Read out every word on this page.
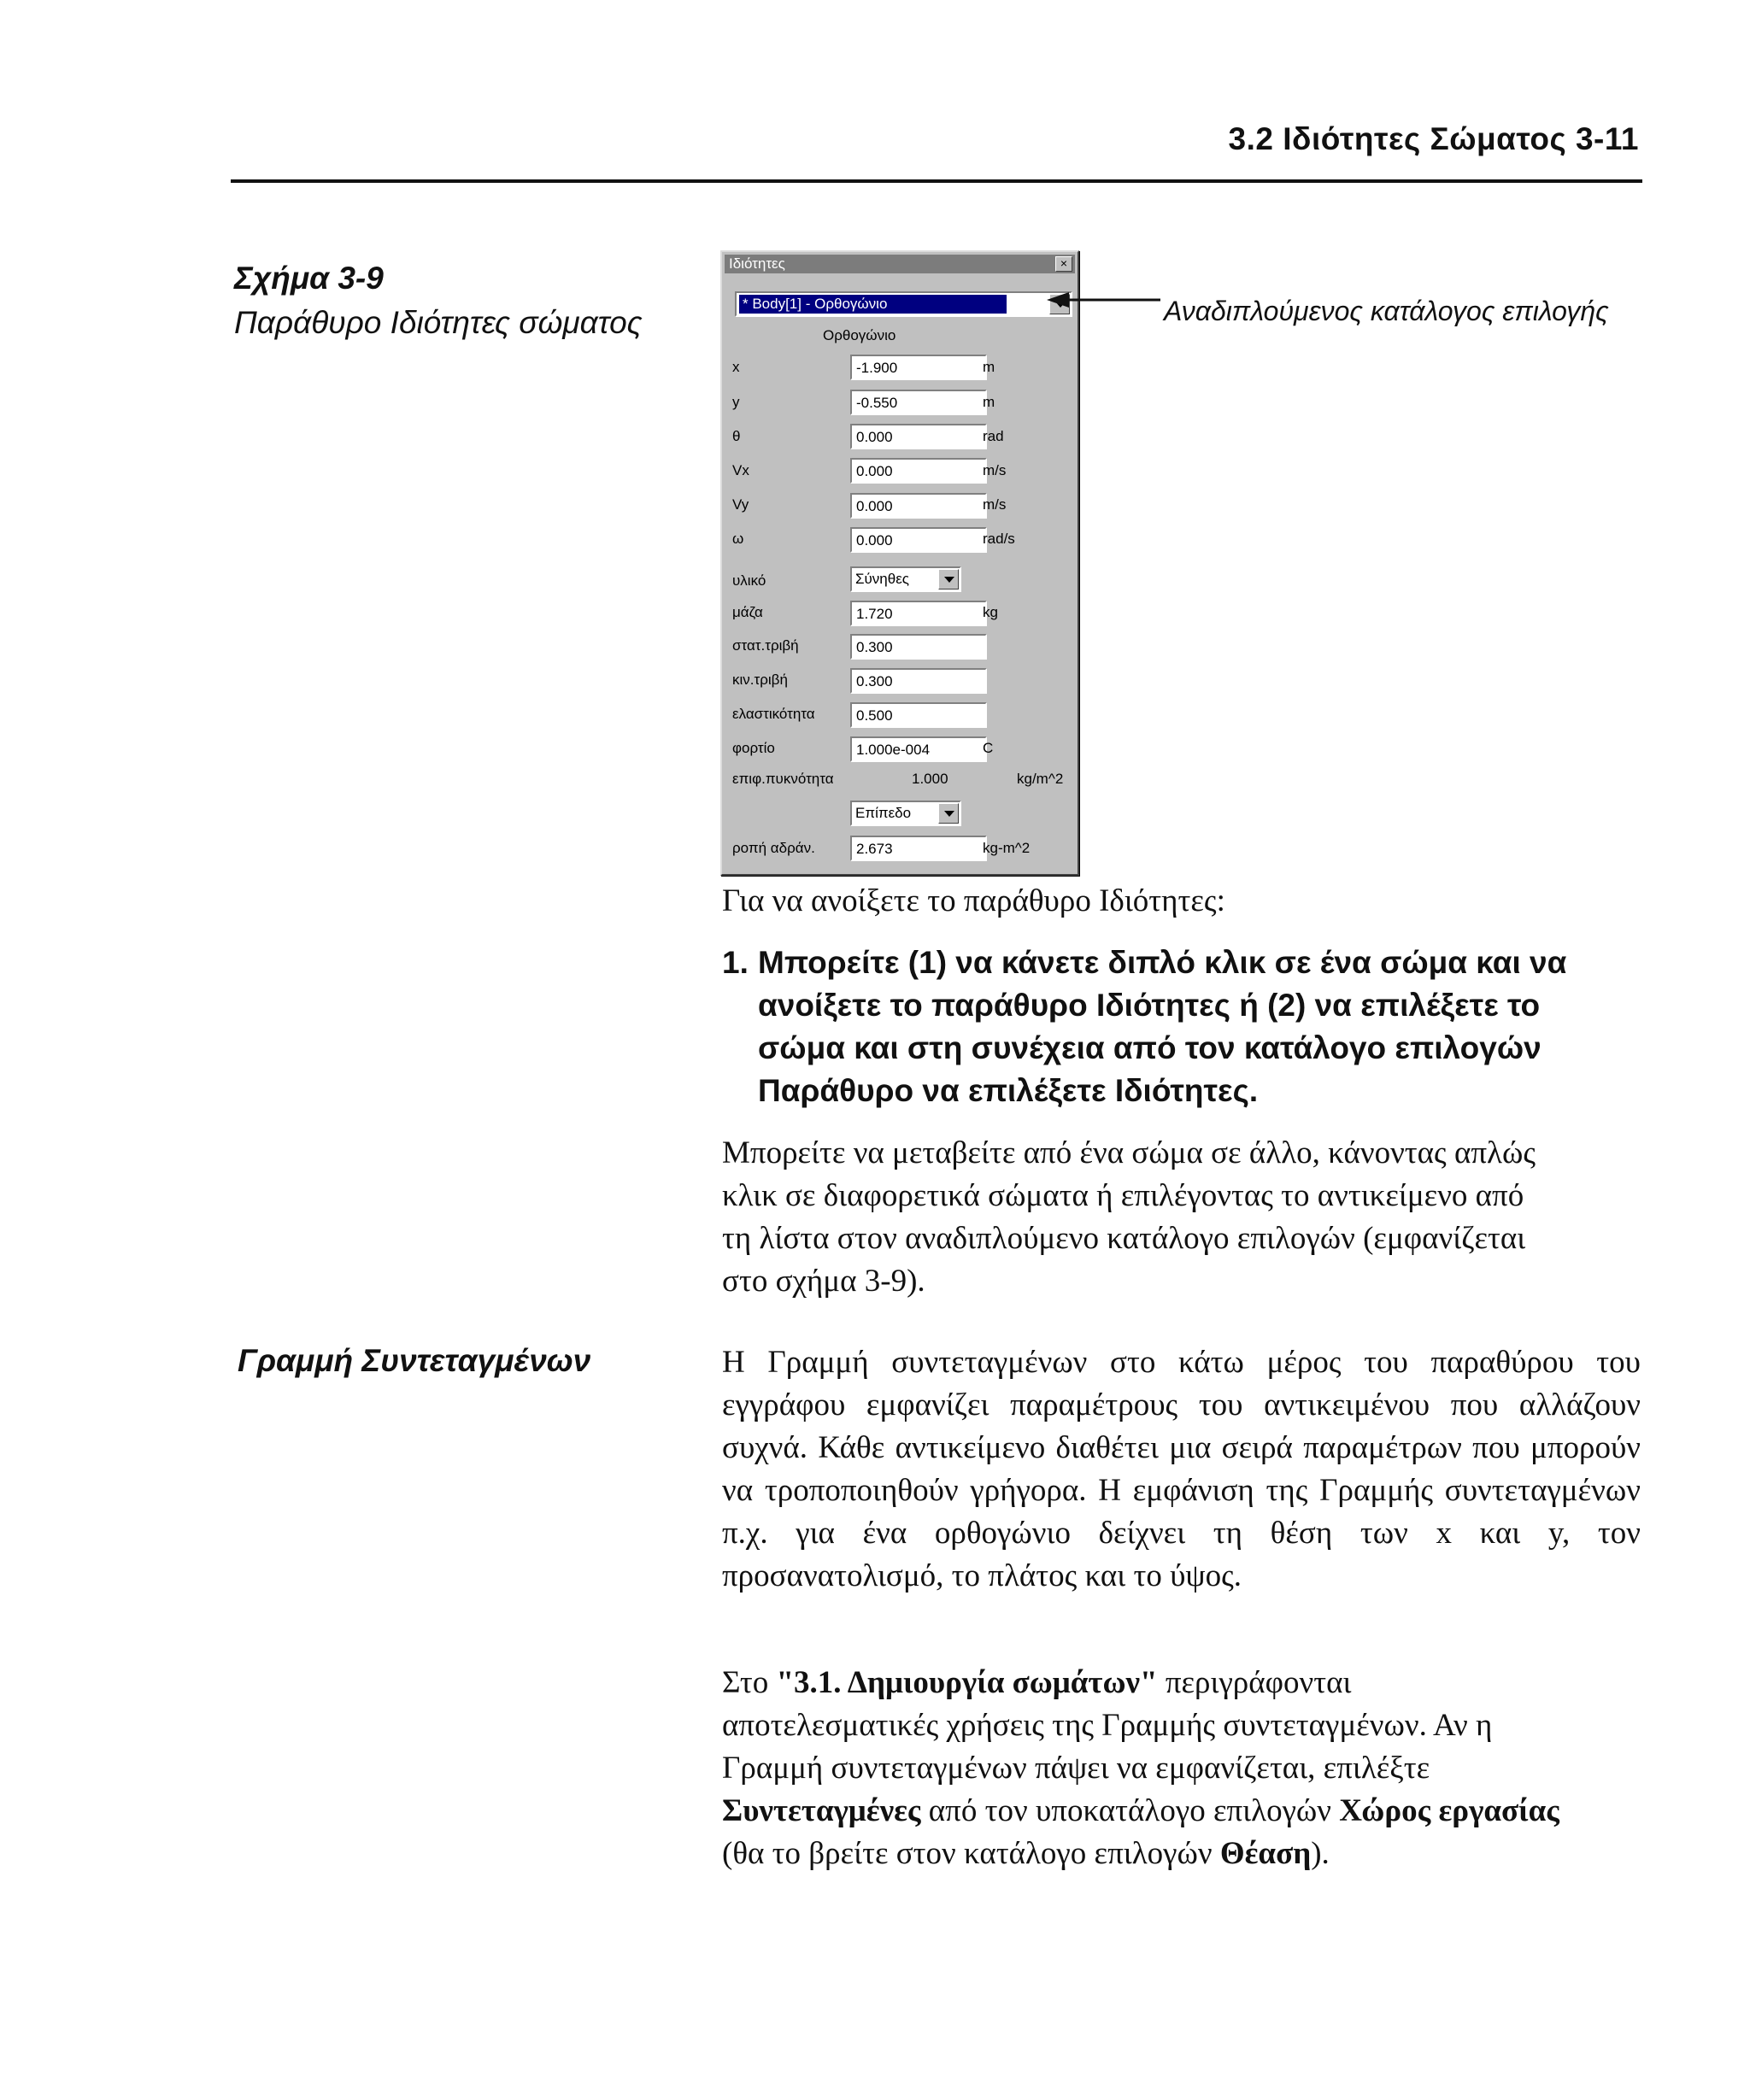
3.2 Ιδιότητες Σώματος 3-11
Σχήμα 3-9
Παράθυρο Ιδιότητες σώματος
Ιδιότητες	×
* Body[1] - Ορθογώνιο
Ορθογώνιο
x	-1.900	m
y	-0.550	m
θ	0.000	rad
Vx	0.000	m/s
Vy	0.000	m/s
ω	0.000	rad/s
υλικό	Σύνηθες
μάζα	1.720	kg
στατ.τριβή	0.300
κιν.τριβή	0.300
ελαστικότητα	0.500
φορτίο	1.000e-004	C
επιφ.πυκνότητα	1.000	kg/m^2
Επίπεδο
ροπή αδράν.	2.673	kg-m^2
Αναδιπλούμενος κατάλογος επιλογής
Για να ανοίξετε το παράθυρο Ιδιότητες:
1. Μπορείτε (1) να κάνετε διπλό κλικ σε ένα σώμα και να
ανοίξετε το παράθυρο Ιδιότητες ή (2) να επιλέξετε το
σώμα και στη συνέχεια από τον κατάλογο επιλογών
Παράθυρο να επιλέξετε Ιδιότητες.
Μπορείτε να μεταβείτε από ένα σώμα σε άλλο, κάνοντας απλώς
κλικ σε διαφορετικά σώματα ή επιλέγοντας το αντικείμενο από
τη λίστα στον αναδιπλούμενο κατάλογο επιλογών (εμφανίζεται
στο σχήμα 3-9).
Γραμμή Συντεταγμένων	Η Γραμμή συντεταγμένων στο κάτω μέρος του παραθύρου του εγγράφου εμφανίζει παραμέτρους του αντικειμένου που αλλάζουν συχνά. Κάθε αντικείμενο διαθέτει μια σειρά παραμέτρων που μπορούν να τροποποιηθούν γρήγορα. Η εμφάνιση της Γραμμής συντεταγμένων π.χ. για ένα ορθογώνιο δείχνει τη θέση των x και y, τον προσανατολισμό, το πλάτος και το ύψος.
Στο "3.1. Δημιουργία σωμάτων" περιγράφονται
αποτελεσματικές χρήσεις της Γραμμής συντεταγμένων. Αν η
Γραμμή συντεταγμένων πάψει να εμφανίζεται, επιλέξτε
Συντεταγμένες από τον υποκατάλογο επιλογών Χώρος εργασίας
(θα το βρείτε στον κατάλογο επιλογών Θέαση).
